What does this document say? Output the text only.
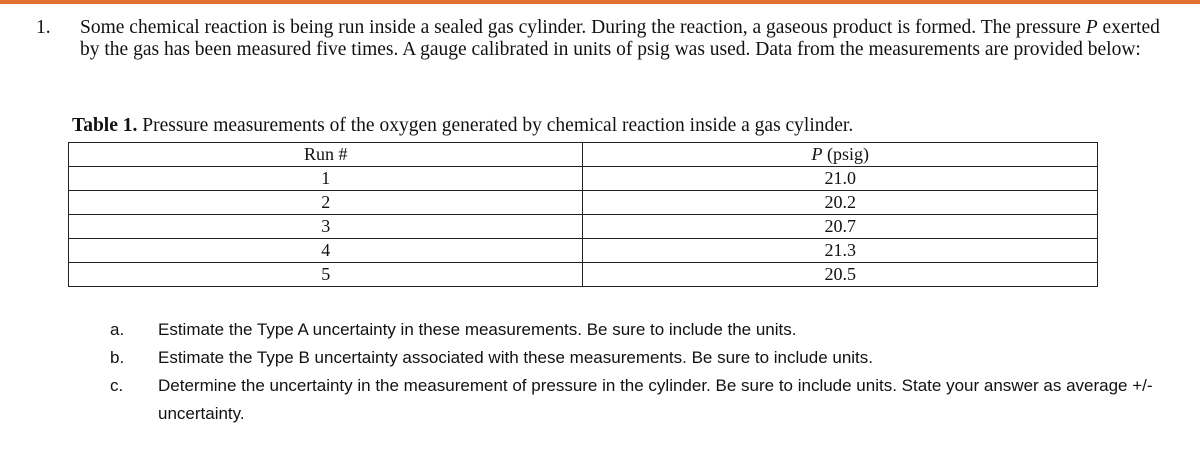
1. Some chemical reaction is being run inside a sealed gas cylinder. During the reaction, a gaseous product is formed. The pressure P exerted by the gas has been measured five times. A gauge calibrated in units of psig was used. Data from the measurements are provided below:
Table 1. Pressure measurements of the oxygen generated by chemical reaction inside a gas cylinder.
Run #	P (psig)
1	21.0
2	20.2
3	20.7
4	21.3
5	20.5
a. Estimate the Type A uncertainty in these measurements. Be sure to include the units.
b. Estimate the Type B uncertainty associated with these measurements. Be sure to include units.
c. Determine the uncertainty in the measurement of pressure in the cylinder. Be sure to include units. State your answer as average +/- uncertainty.
